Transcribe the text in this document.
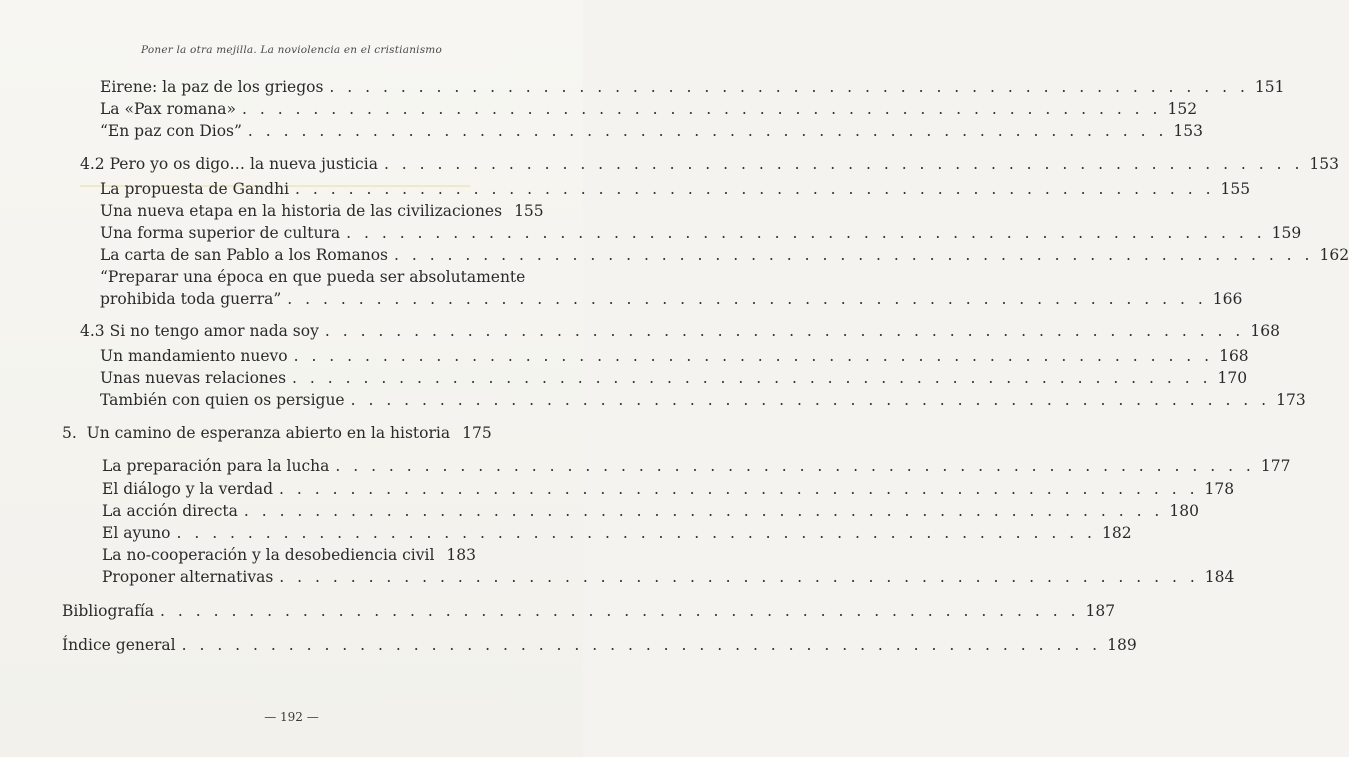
Poner la otra mejilla. La noviolencia en el cristianismo
Eirene: la paz de los griegos . . . . . . . . . . . . . . . . . . . . . . . . . . . . . . . . . . . . . . . . . . . . . . . . . . . . 151
La «Pax romana» . . . . . . . . . . . . . . . . . . . . . . . . . . . . . . . . . . . . . . . . . . . . . . . . . . . . 152
“En paz con Dios” . . . . . . . . . . . . . . . . . . . . . . . . . . . . . . . . . . . . . . . . . . . . . . . . . . . . 153
4.2 Pero yo os digo… la nueva justicia . . . . . . . . . . . . . . . . . . . . . . . . . . . . . . . . . . . . . . . . . . . . . . . . . . . . 153
La propuesta de Gandhi . . . . . . . . . . . . . . . . . . . . . . . . . . . . . . . . . . . . . . . . . . . . . . . . . . . . 155
Una nueva etapa en la historia de las civilizaciones 155
Una forma superior de cultura . . . . . . . . . . . . . . . . . . . . . . . . . . . . . . . . . . . . . . . . . . . . . . . . . . . . 159
La carta de san Pablo a los Romanos . . . . . . . . . . . . . . . . . . . . . . . . . . . . . . . . . . . . . . . . . . . . . . . . . . . . 162
“Preparar una época en que pueda ser absolutamente
prohibida toda guerra” . . . . . . . . . . . . . . . . . . . . . . . . . . . . . . . . . . . . . . . . . . . . . . . . . . . . 166
4.3 Si no tengo amor nada soy . . . . . . . . . . . . . . . . . . . . . . . . . . . . . . . . . . . . . . . . . . . . . . . . . . . . 168
Un mandamiento nuevo . . . . . . . . . . . . . . . . . . . . . . . . . . . . . . . . . . . . . . . . . . . . . . . . . . . . 168
Unas nuevas relaciones . . . . . . . . . . . . . . . . . . . . . . . . . . . . . . . . . . . . . . . . . . . . . . . . . . . . 170
También con quien os persigue . . . . . . . . . . . . . . . . . . . . . . . . . . . . . . . . . . . . . . . . . . . . . . . . . . . . 173
5.  Un camino de esperanza abierto en la historia 175
La preparación para la lucha . . . . . . . . . . . . . . . . . . . . . . . . . . . . . . . . . . . . . . . . . . . . . . . . . . . . 177
El diálogo y la verdad . . . . . . . . . . . . . . . . . . . . . . . . . . . . . . . . . . . . . . . . . . . . . . . . . . . . 178
La acción directa . . . . . . . . . . . . . . . . . . . . . . . . . . . . . . . . . . . . . . . . . . . . . . . . . . . . 180
El ayuno . . . . . . . . . . . . . . . . . . . . . . . . . . . . . . . . . . . . . . . . . . . . . . . . . . . . 182
La no-cooperación y la desobediencia civil 183
Proponer alternativas . . . . . . . . . . . . . . . . . . . . . . . . . . . . . . . . . . . . . . . . . . . . . . . . . . . . 184
Bibliografía . . . . . . . . . . . . . . . . . . . . . . . . . . . . . . . . . . . . . . . . . . . . . . . . . . . . 187
Índice general . . . . . . . . . . . . . . . . . . . . . . . . . . . . . . . . . . . . . . . . . . . . . . . . . . . . 189
— 192 —
